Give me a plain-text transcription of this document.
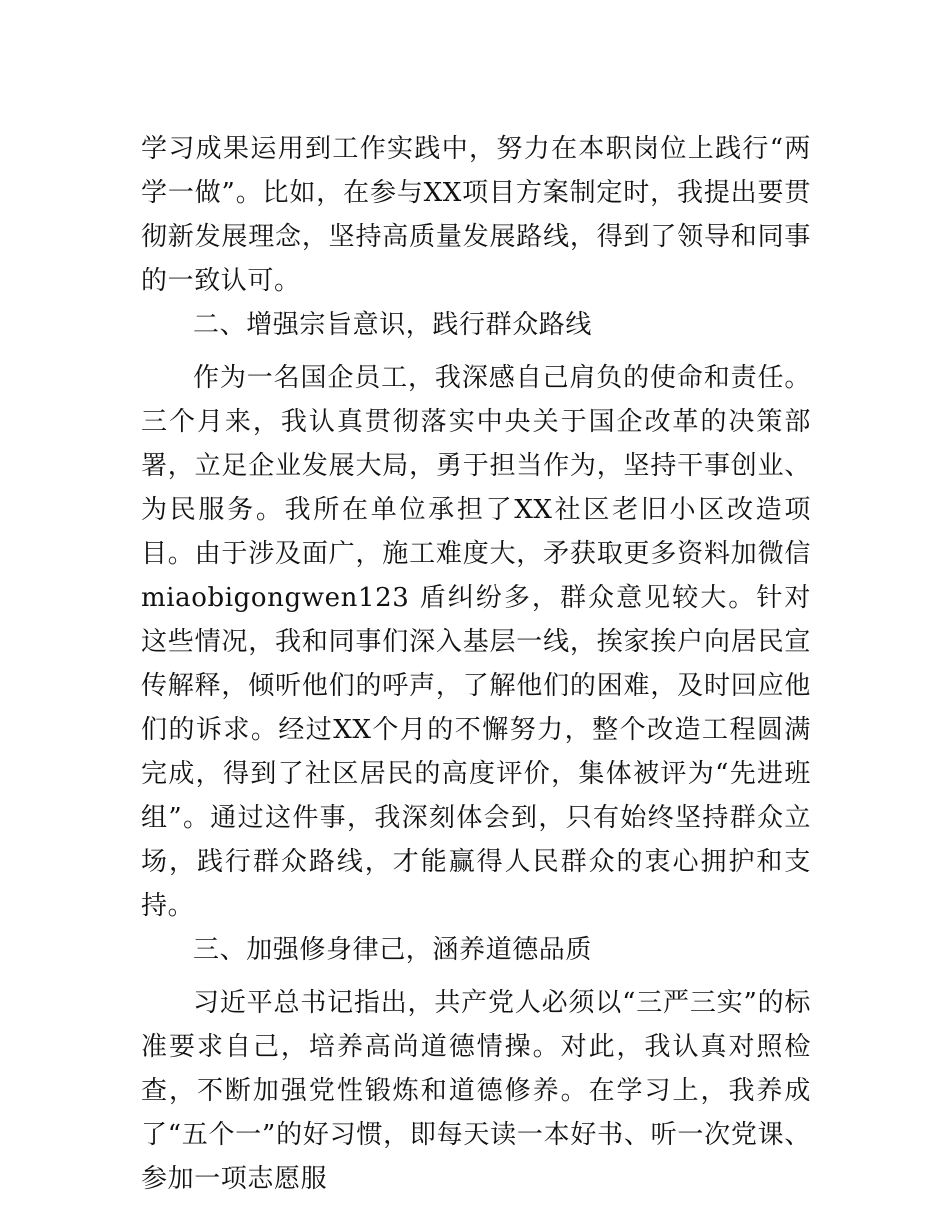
学习成果运用到工作实践中，努力在本职岗位上践行“两学一做”。比如，在参与XX项目方案制定时，我提出要贯彻新发展理念，坚持高质量发展路线，得到了领导和同事的一致认可。

二、增强宗旨意识，践行群众路线

作为一名国企员工，我深感自己肩负的使命和责任。三个月来，我认真贯彻落实中央关于国企改革的决策部署，立足企业发展大局，勇于担当作为，坚持干事创业、为民服务。我所在单位承担了XX社区老旧小区改造项目。由于涉及面广，施工难度大，矛获取更多资料加微信 miaobigongwen123 盾纠纷多，群众意见较大。针对这些情况，我和同事们深入基层一线，挨家挨户向居民宣传解释，倾听他们的呼声，了解他们的困难，及时回应他们的诉求。经过XX个月的不懈努力，整个改造工程圆满完成，得到了社区居民的高度评价，集体被评为“先进班组”。通过这件事，我深刻体会到，只有始终坚持群众立场，践行群众路线，才能赢得人民群众的衷心拥护和支持。

三、加强修身律己，涵养道德品质

习近平总书记指出，共产党人必须以“三严三实”的标准要求自己，培养高尚道德情操。对此，我认真对照检查，不断加强党性锻炼和道德修养。在学习上，我养成了“五个一”的好习惯，即每天读一本好书、听一次党课、参加一项志愿服
